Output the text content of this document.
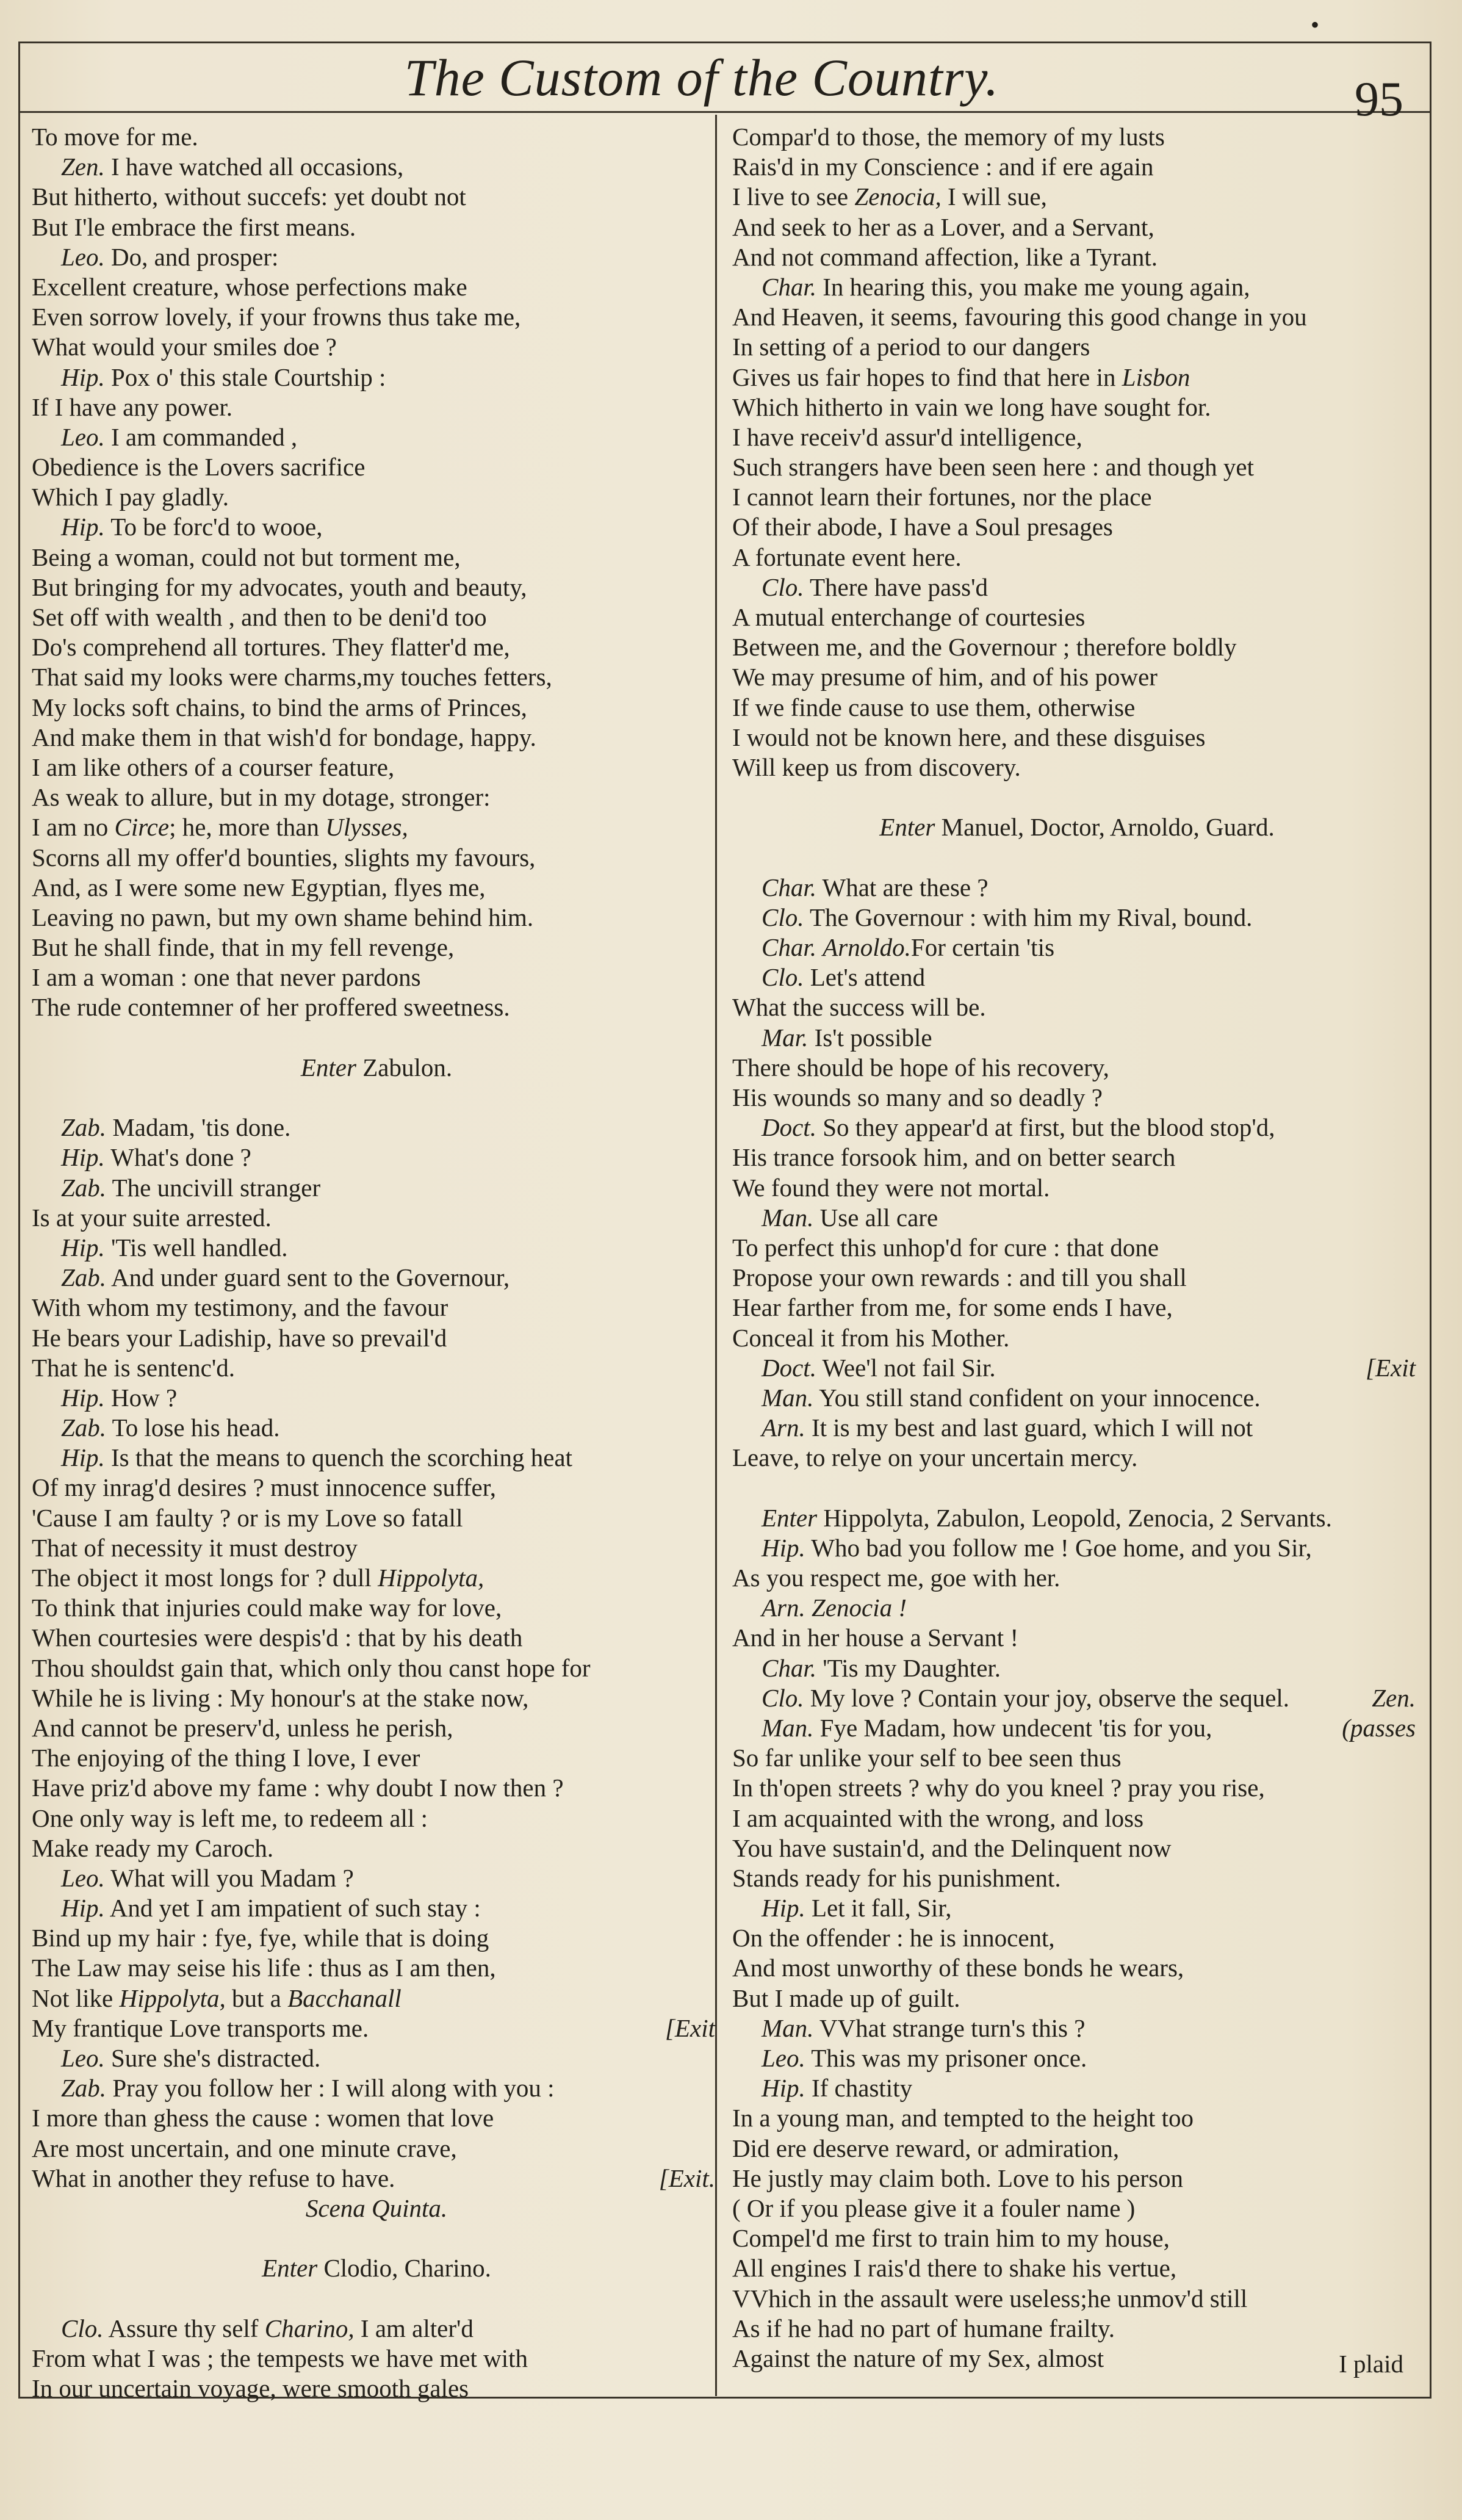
•
The Custom of the Country.	95
To move for me.
Zen. I have watched all occasions,
But hitherto, without succefs: yet doubt not
But I'le embrace the first means.
Leo. Do, and prosper:
Excellent creature, whose perfections make
Even sorrow lovely, if your frowns thus take me,
What would your smiles doe ?
Hip. Pox o' this stale Courtship :
If I have any power.
Leo. I am commanded ,
Obedience is the Lovers sacrifice
Which I pay gladly.
Hip. To be forc'd to wooe,
Being a woman, could not but torment me,
But bringing for my advocates, youth and beauty,
Set off with wealth , and then to be deni'd too
Do's comprehend all tortures. They flatter'd me,
That said my looks were charms,my touches fetters,
My locks soft chains, to bind the arms of Princes,
And make them in that wish'd for bondage, happy.
I am like others of a courser feature,
As weak to allure, but in my dotage, stronger:
I am no Circe; he, more than Ulysses,
Scorns all my offer'd bounties, slights my favours,
And, as I were some new Egyptian, flyes me,
Leaving no pawn, but my own shame behind him.
But he shall finde, that in my fell revenge,
I am a woman : one that never pardons
The rude contemner of her proffered sweetness.
Enter Zabulon.
Zab. Madam, 'tis done.
Hip. What's done ?
Zab. The uncivill stranger
Is at your suite arrested.
Hip. 'Tis well handled.
Zab. And under guard sent to the Governour,
With whom my testimony, and the favour
He bears your Ladiship, have so prevail'd
That he is sentenc'd.
Hip. How ?
Zab. To lose his head.
Hip. Is that the means to quench the scorching heat
Of my inrag'd desires ? must innocence suffer,
'Cause I am faulty ? or is my Love so fatall
That of necessity it must destroy
The object it most longs for ? dull Hippolyta,
To think that injuries could make way for love,
When courtesies were despis'd : that by his death
Thou shouldst gain that, which only thou canst hope for
While he is living : My honour's at the stake now,
And cannot be preserv'd, unless he perish,
The enjoying of the thing I love, I ever
Have priz'd above my fame : why doubt I now then ?
One only way is left me, to redeem all :
Make ready my Caroch.
Leo. What will you Madam ?
Hip. And yet I am impatient of such stay :
Bind up my hair : fye, fye, while that is doing
The Law may seise his life : thus as I am then,
Not like Hippolyta, but a Bacchanall
My frantique Love transports me.	[Exit
Leo. Sure she's distracted.
Zab. Pray you follow her : I will along with you :
I more than ghess the cause : women that love
Are most uncertain, and one minute crave,
What in another they refuse to have.	[Exit.
Scena Quinta.
Enter Clodio, Charino.
Clo. Assure thy self Charino, I am alter'd
From what I was ; the tempests we have met with
In our uncertain voyage, were smooth gales
Compar'd to those, the memory of my lusts
Rais'd in my Conscience : and if ere again
I live to see Zenocia, I will sue,
And seek to her as a Lover, and a Servant,
And not command affection, like a Tyrant.
Char. In hearing this, you make me young again,
And Heaven, it seems, favouring this good change in you
In setting of a period to our dangers
Gives us fair hopes to find that here in Lisbon
Which hitherto in vain we long have sought for.
I have receiv'd assur'd intelligence,
Such strangers have been seen here : and though yet
I cannot learn their fortunes, nor the place
Of their abode, I have a Soul presages
A fortunate event here.
Clo. There have pass'd
A mutual enterchange of courtesies
Between me, and the Governour ; therefore boldly
We may presume of him, and of his power
If we finde cause to use them, otherwise
I would not be known here, and these disguises
Will keep us from discovery.
Enter Manuel, Doctor, Arnoldo, Guard.
Char. What are these ?
Clo. The Governour : with him my Rival, bound.
Char. Arnoldo.For certain 'tis
Clo. Let's attend
What the success will be.
Mar. Is't possible
There should be hope of his recovery,
His wounds so many and so deadly ?
Doct. So they appear'd at first, but the blood stop'd,
His trance forsook him, and on better search
We found they were not mortal.
Man. Use all care
To perfect this unhop'd for cure : that done
Propose your own rewards : and till you shall
Hear farther from me, for some ends I have,
Conceal it from his Mother.
Doct. Wee'l not fail Sir.	[Exit
Man. You still stand confident on your innocence.
Arn. It is my best and last guard, which I will not
Leave, to relye on your uncertain mercy.
Enter Hippolyta, Zabulon, Leopold, Zenocia, 2 Servants.
Hip. Who bad you follow me ! Goe home, and you Sir,
As you respect me, goe with her.
Arn. Zenocia !
And in her house a Servant !
Char. 'Tis my Daughter.
Clo. My love ? Contain your joy, observe the sequel.	Zen.
Man. Fye Madam, how undecent 'tis for you,	(passes
So far unlike your self to bee seen thus
In th'open streets ? why do you kneel ? pray you rise,
I am acquainted with the wrong, and loss
You have sustain'd, and the Delinquent now
Stands ready for his punishment.
Hip. Let it fall, Sir,
On the offender : he is innocent,
And most unworthy of these bonds he wears,
But I made up of guilt.
Man. VVhat strange turn's this ?
Leo. This was my prisoner once.
Hip. If chastity
In a young man, and tempted to the height too
Did ere deserve reward, or admiration,
He justly may claim both. Love to his person
( Or if you please give it a fouler name )
Compel'd me first to train him to my house,
All engines I rais'd there to shake his vertue,
VVhich in the assault were useless;he unmov'd still
As if he had no part of humane frailty.
Against the nature of my Sex, almost	I plaid
